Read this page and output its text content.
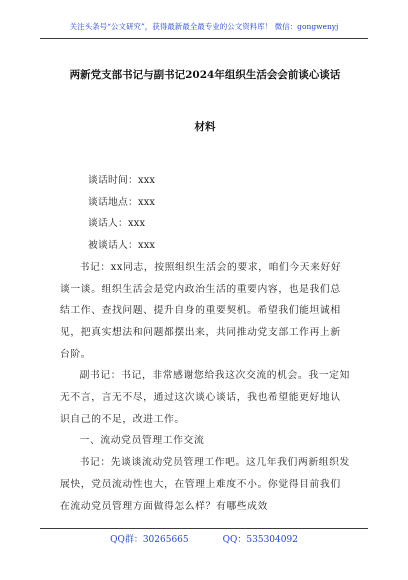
关注头条号“公文研究”，获得最新最全最专业的公文资料库！ 微信：gongwenyj
两新党支部书记与副书记2024年组织生活会会前谈心谈话
材料
谈话时间：xxx
谈话地点：xxx
谈话人：xxx
被谈话人：xxx
书记：xx同志，按照组织生活会的要求，咱们今天来好好谈一谈。组织生活会是党内政治生活的重要内容，也是我们总结工作、查找问题、提升自身的重要契机。希望我们能坦诚相见，把真实想法和问题都摆出来，共同推动党支部工作再上新台阶。
副书记：书记，非常感谢您给我这次交流的机会。我一定知无不言，言无不尽，通过这次谈心谈话，我也希望能更好地认识自己的不足，改进工作。
一、流动党员管理工作交流
书记：先谈谈流动党员管理工作吧。这几年我们两新组织发展快，党员流动性也大，在管理上难度不小。你觉得目前我们在流动党员管理方面做得怎么样？有哪些成效
QQ群：30265665	QQ：535304092
